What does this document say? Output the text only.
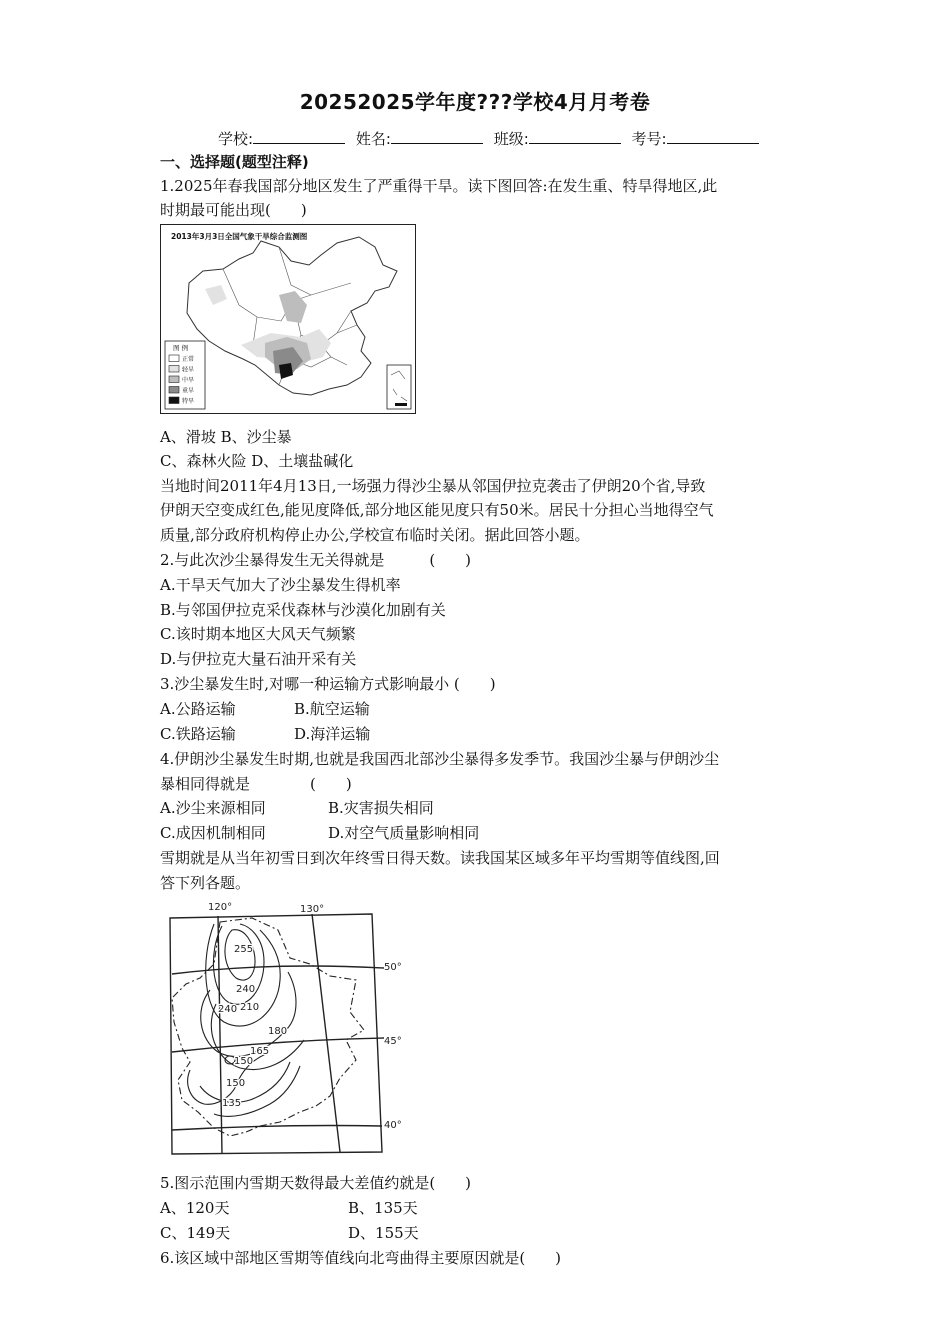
20252025学年度???学校4月月考卷
学校:	姓名:	班级:	考号:
一、选择题(题型注释)
1.2025年春我国部分地区发生了严重得干旱。读下图回答:在发生重、特旱得地区,此
时期最可能出现(　　)
2013年3月3日全国气象干旱综合监测图
图 例
正常
轻旱
中旱
重旱
特旱
A、滑坡 B、沙尘暴
C、森林火险 D、土壤盐碱化
当地时间2011年4月13日,一场强力得沙尘暴从邻国伊拉克袭击了伊朗20个省,导致
伊朗天空变成红色,能见度降低,部分地区能见度只有50米。居民十分担心当地得空气
质量,部分政府机构停止办公,学校宣布临时关闭。据此回答小题。
2.与此次沙尘暴得发生无关得就是　　　(　　)
A.干旱天气加大了沙尘暴发生得机率
B.与邻国伊拉克采伐森林与沙漠化加剧有关
C.该时期本地区大风天气频繁
D.与伊拉克大量石油开采有关
3.沙尘暴发生时,对哪一种运输方式影响最小 (　　)
A.公路运输	B.航空运输
C.铁路运输	D.海洋运输
4.伊朗沙尘暴发生时期,也就是我国西北部沙尘暴得多发季节。我国沙尘暴与伊朗沙尘
暴相同得就是　　　　(　　)
A.沙尘来源相同	B.灾害损失相同
C.成因机制相同	D.对空气质量影响相同
雪期就是从当年初雪日到次年终雪日得天数。读我国某区域多年平均雪期等值线图,回
答下列各题。
120°	130°
50°
45°
40°
255
240
240 210
180
165
150
150
135
5.图示范围内雪期天数得最大差值约就是(　　)
A、120天	B、135天
C、149天	D、155天
6.该区域中部地区雪期等值线向北弯曲得主要原因就是(　　)
